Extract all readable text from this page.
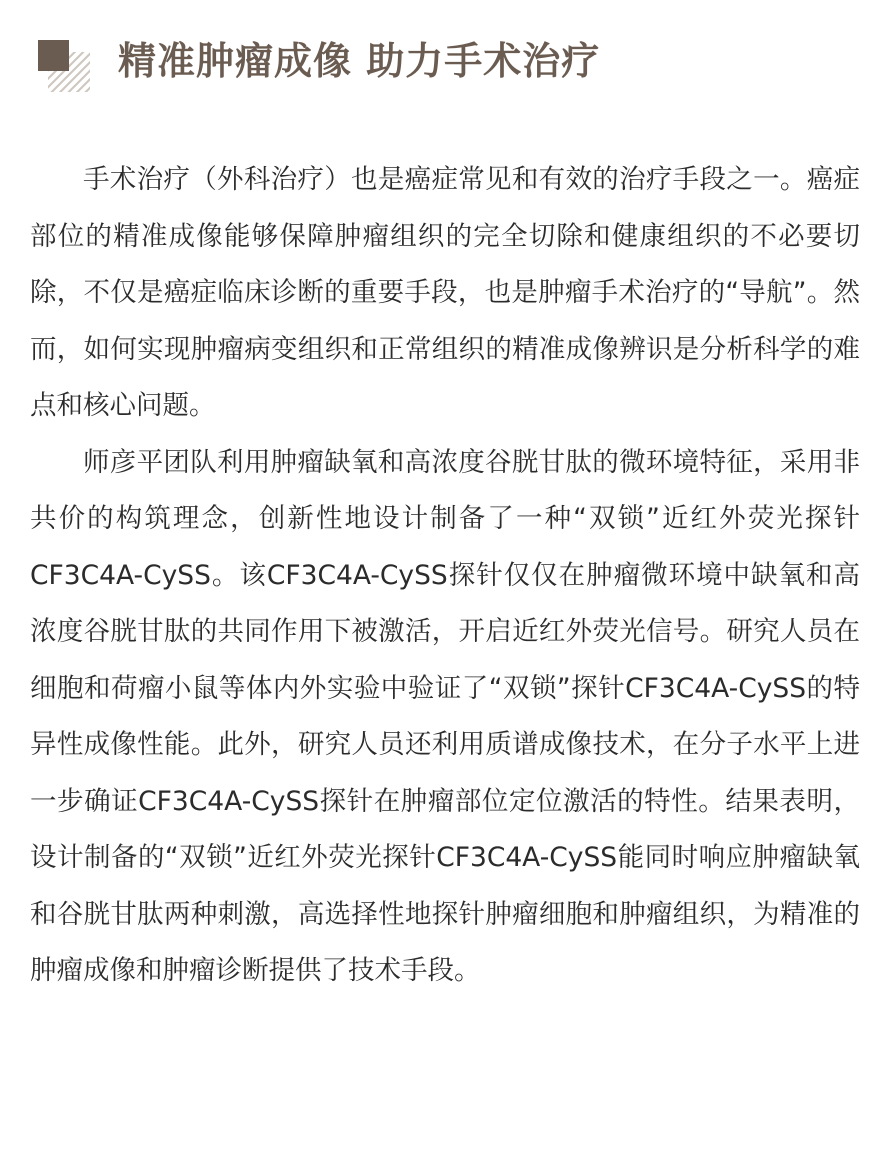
精准肿瘤成像 助力手术治疗

手术治疗（外科治疗）也是癌症常见和有效的治疗手段之一。癌症部位的精准成像能够保障肿瘤组织的完全切除和健康组织的不必要切除，不仅是癌症临床诊断的重要手段，也是肿瘤手术治疗的“导航”。然而，如何实现肿瘤病变组织和正常组织的精准成像辨识是分析科学的难点和核心问题。

师彦平团队利用肿瘤缺氧和高浓度谷胱甘肽的微环境特征，采用非共价的构筑理念，创新性地设计制备了一种“双锁”近红外荧光探针CF3C4A-CySS。该CF3C4A-CySS探针仅仅在肿瘤微环境中缺氧和高浓度谷胱甘肽的共同作用下被激活，开启近红外荧光信号。研究人员在细胞和荷瘤小鼠等体内外实验中验证了“双锁”探针CF3C4A-CySS的特异性成像性能。此外，研究人员还利用质谱成像技术，在分子水平上进一步确证CF3C4A-CySS探针在肿瘤部位定位激活的特性。结果表明，设计制备的“双锁”近红外荧光探针CF3C4A-CySS能同时响应肿瘤缺氧和谷胱甘肽两种刺激，高选择性地探针肿瘤细胞和肿瘤组织，为精准的肿瘤成像和肿瘤诊断提供了技术手段。
